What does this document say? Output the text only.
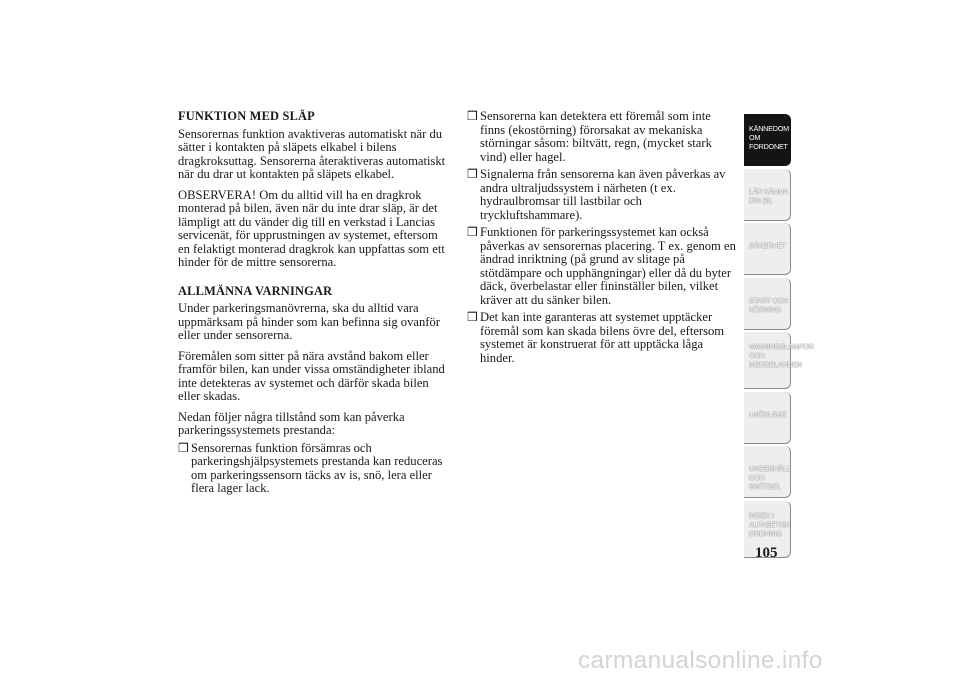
FUNKTION MED SLÄP
Sensorernas funktion avaktiveras automatiskt när du sätter i kontakten på släpets elkabel i bilens dragkroksuttag. Sensorerna återaktiveras automatiskt när du drar ut kontakten på släpets elkabel.
OBSERVERA! Om du alltid vill ha en dragkrok monterad på bilen, även när du inte drar släp, är det lämpligt att du vänder dig till en verkstad i Lancias servicenät, för upprustningen av systemet, eftersom en felaktigt monterad dragkrok kan uppfattas som ett hinder för de mittre sensorerna.
ALLMÄNNA VARNINGAR
Under parkeringsmanövrerna, ska du alltid vara uppmärksam på hinder som kan befinna sig ovanför eller under sensorerna.
Föremålen som sitter på nära avstånd bakom eller framför bilen, kan under vissa omständigheter ibland inte detekteras av systemet och därför skada bilen eller skadas.
Nedan följer några tillstånd som kan påverka parkeringssystemets prestanda:
❒ Sensorernas funktion försämras och parkeringshjälpsystemets prestanda kan reduceras om parkeringssensorn täcks av is, snö, lera eller flera lager lack.
❒ Sensorerna kan detektera ett föremål som inte finns (ekostörning) förorsakat av mekaniska störningar såsom: biltvätt, regn, (mycket stark vind) eller hagel.
❒ Signalerna från sensorerna kan även påverkas av andra ultraljudssystem i närheten (t ex. hydraulbromsar till lastbilar och tryckluftshammare).
❒ Funktionen för parkeringssystemet kan också påverkas av sensorernas placering. T ex. genom en ändrad inriktning (på grund av slitage på stötdämpare och upphängningar) eller då du byter däck, överbelastar eller fininställer bilen, vilket kräver att du sänker bilen.
❒ Det kan inte garanteras att systemet upptäcker föremål som kan skada bilens övre del, eftersom systemet är konstruerat för att upptäcka låga hinder.
KÄNNEDOM OM FORDONET
LÄR KÄNNA DIN BIL
SÄKERHET
START OCH KÖRNING
VARNINGSLAMPOR OCH MEDDELANDEN
I NÖDLÄGE
UNDERHÅLL OCH SKÖTSEL
INDEX I ALFABETISK ORDNING
105
carmanualsonline.info
